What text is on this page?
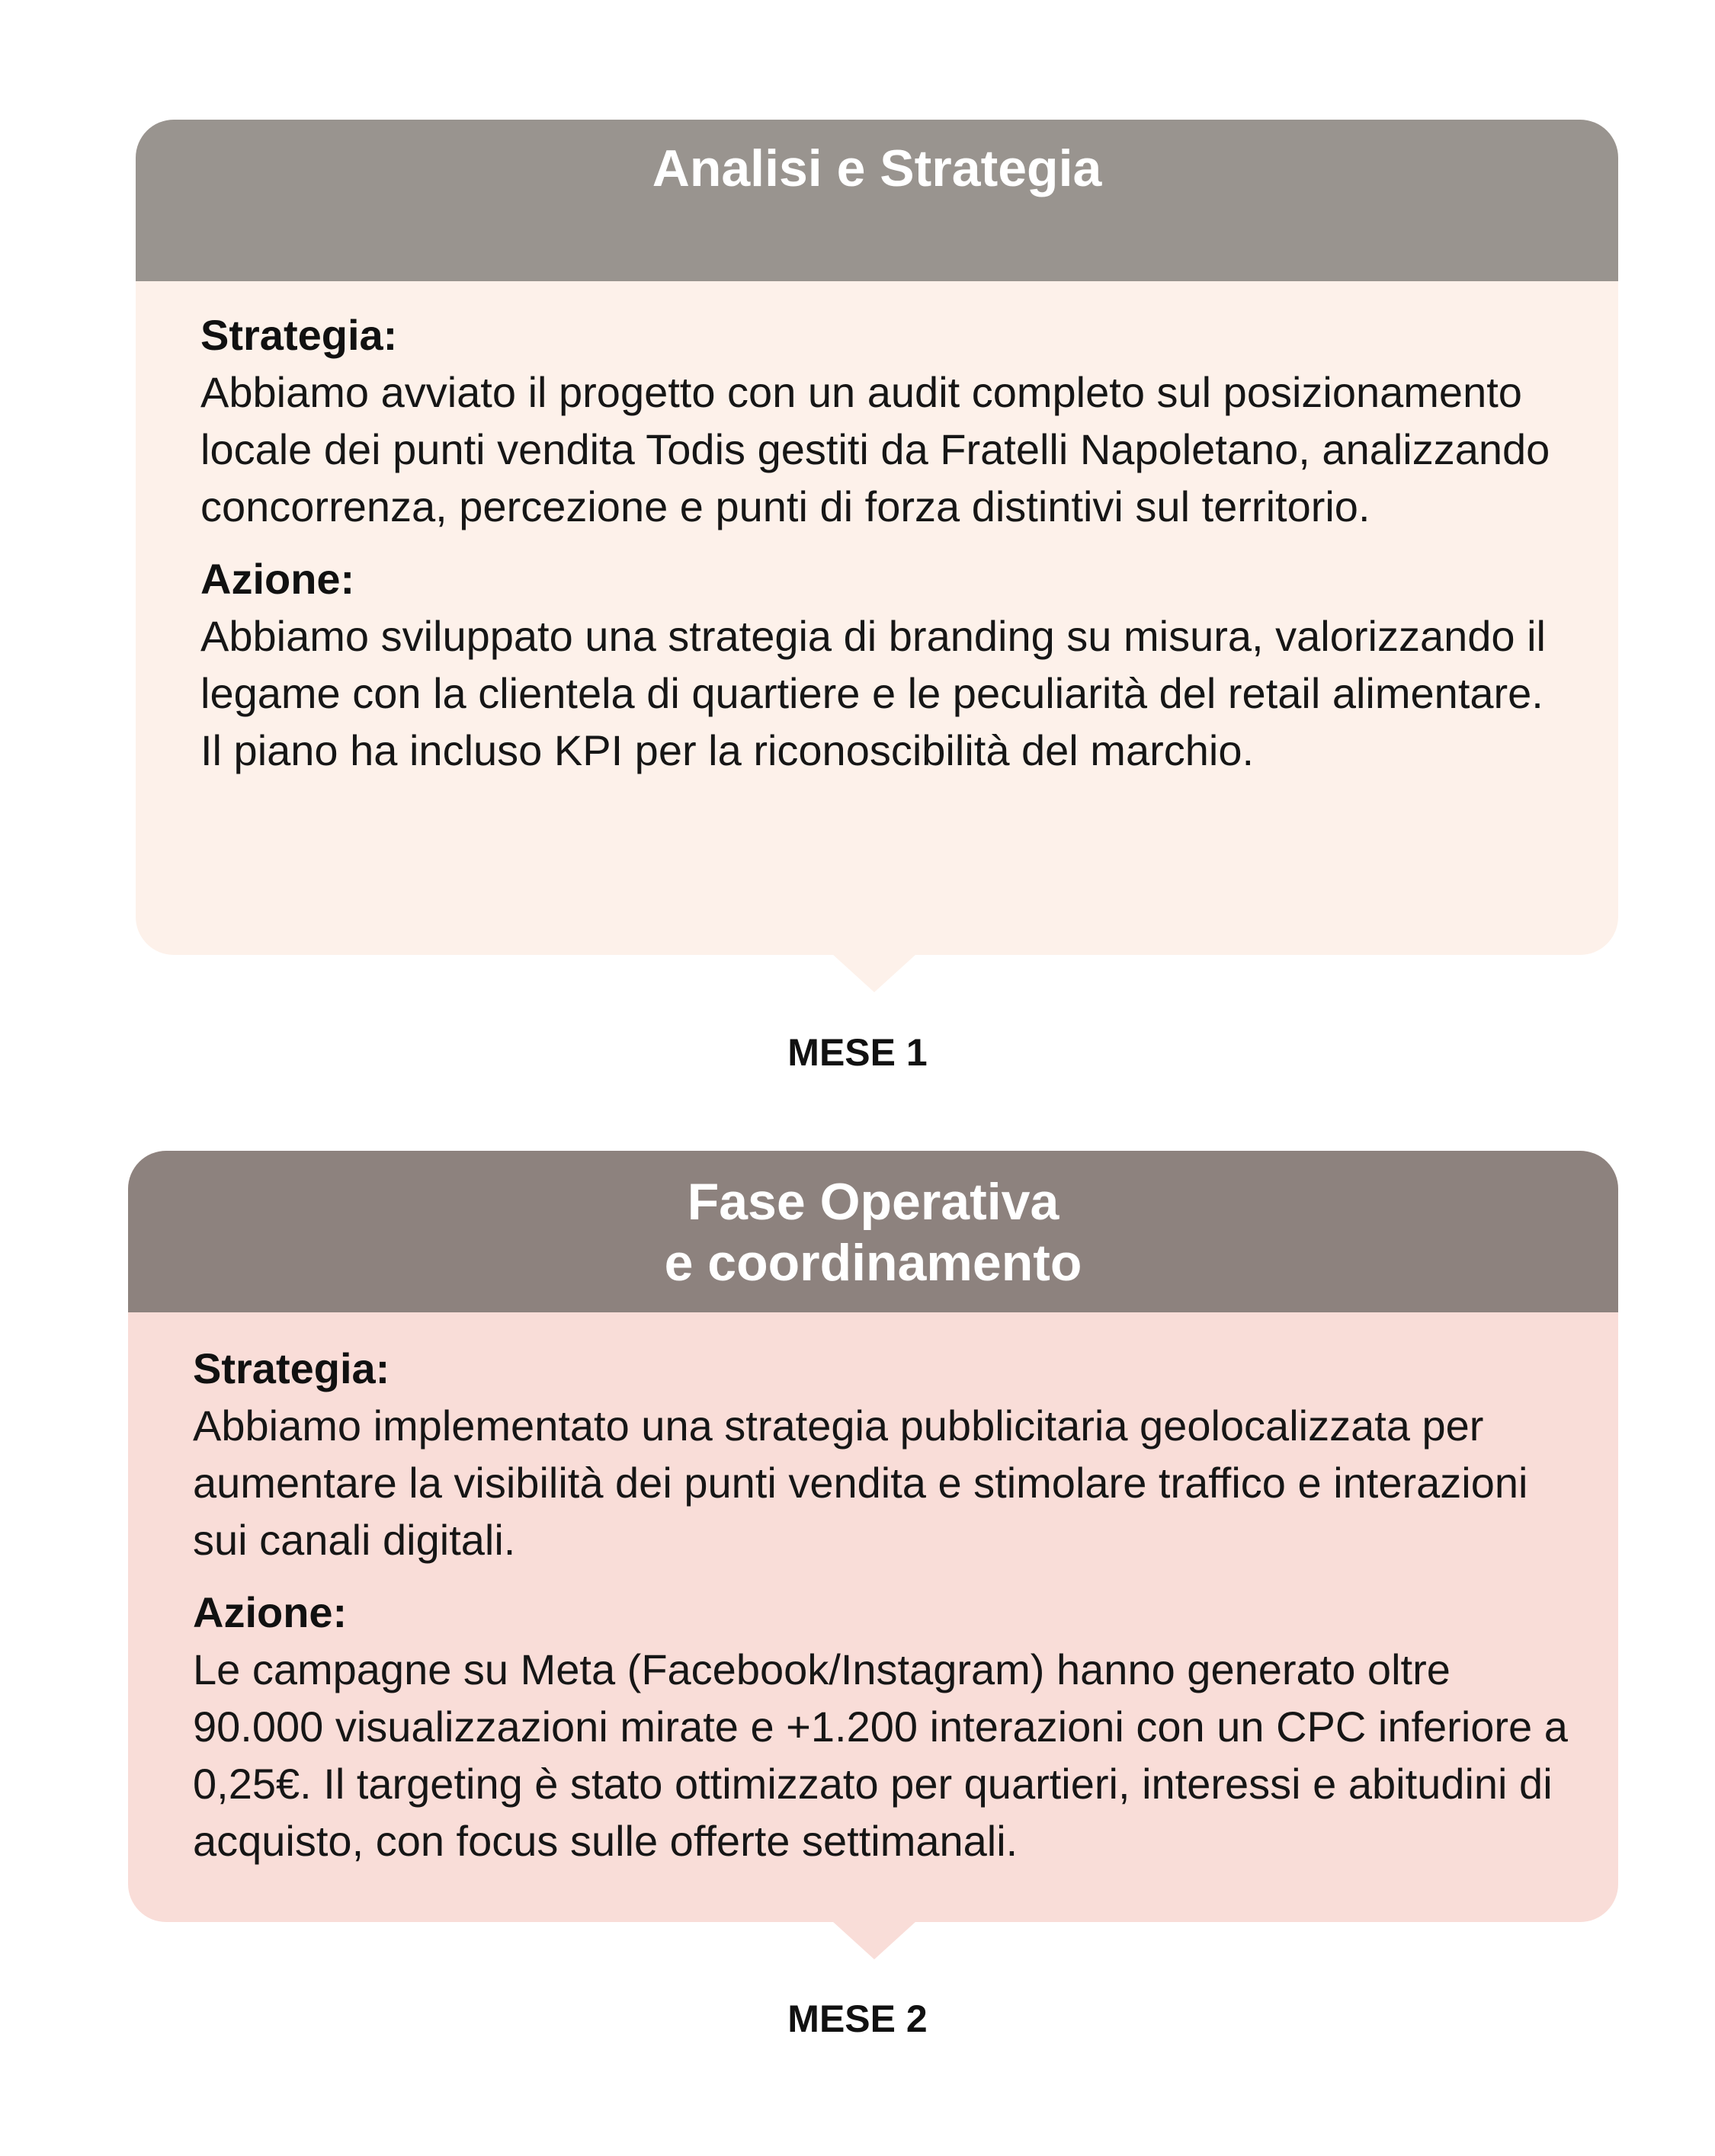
Analisi e Strategia
Strategia:
Abbiamo avviato il progetto con un audit completo sul posizionamento locale dei punti vendita Todis gestiti da Fratelli Napoletano, analizzando concorrenza, percezione e punti di forza distintivi sul territorio.
Azione:
Abbiamo sviluppato una strategia di branding su misura, valorizzando il legame con la clientela di quartiere e le peculiarità del retail alimentare. Il piano ha incluso KPI per la riconoscibilità del marchio.
MESE 1
Fase Operativa
e coordinamento
Strategia:
Abbiamo implementato una strategia pubblicitaria geolocalizzata per aumentare la visibilità dei punti vendita e stimolare traffico e interazioni sui canali digitali.
Azione:
Le campagne su Meta (Facebook/Instagram) hanno generato oltre 90.000 visualizzazioni mirate e +1.200 interazioni con un CPC inferiore a 0,25€. Il targeting è stato ottimizzato per quartieri, interessi e abitudini di acquisto, con focus sulle offerte settimanali.
MESE 2
